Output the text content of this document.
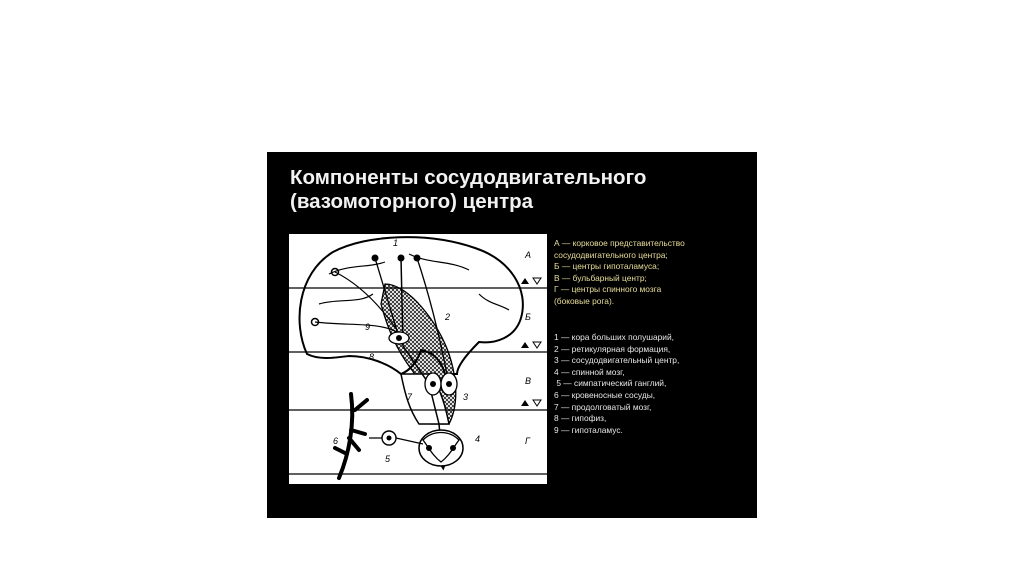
Компоненты сосудодвигательного
(вазомоторного) центра
1
2
3
4
5
6
7
8
9
А
Б
В
Г
А — корковое представительство
сосудодвигательного центра;
Б — центры гипоталамуса;
В — бульбарный центр;
Г — центры спинного мозга
(боковые рога).
1 — кора больших полушарий,
2 — ретикулярная формация,
3 — сосудодвигательный центр,
4 — спинной мозг,
5 — симпатический ганглий,
6 — кровеносные сосуды,
7 — продолговатый мозг,
8 — гипофиз,
9 — гипоталамус.
